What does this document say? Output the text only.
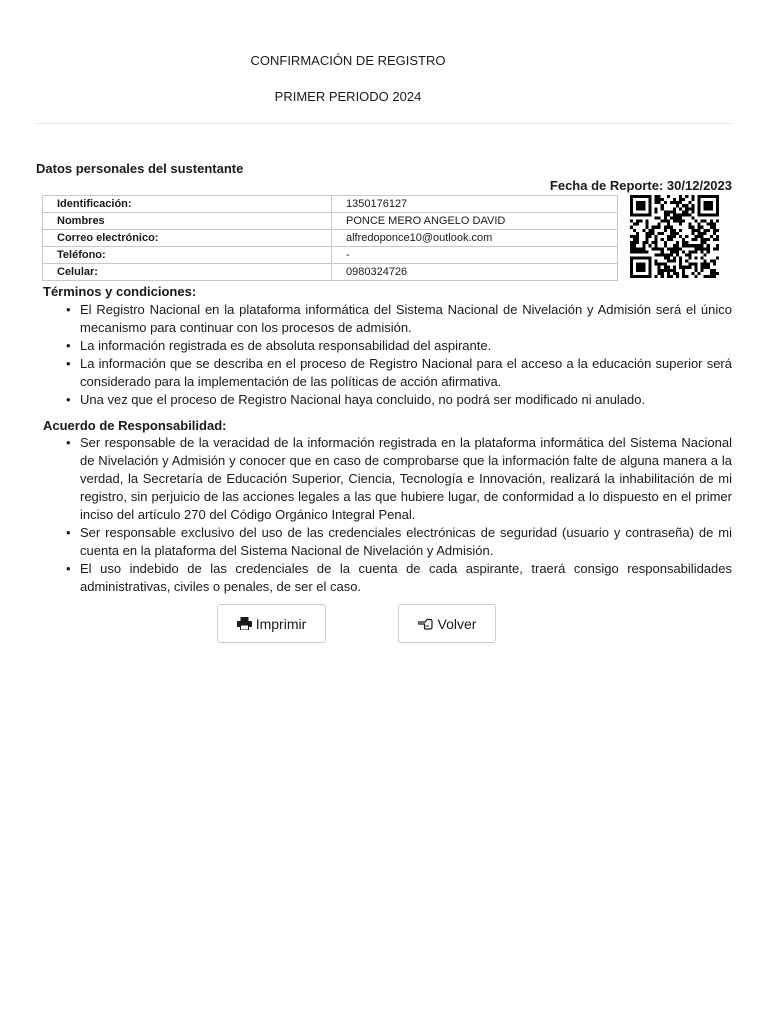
CONFIRMACIÓN DE REGISTRO
PRIMER PERIODO 2024
Datos personales del sustentante
Fecha de Reporte: 30/12/2023
Identificación:	1350176127
Nombres	PONCE MERO ANGELO DAVID
Correo electrónico:	alfredoponce10@outlook.com
Teléfono:	-
Celular:	0980324726
Términos y condiciones:
• El Registro Nacional en la plataforma informática del Sistema Nacional de Nivelación y Admisión será el único mecanismo para continuar con los procesos de admisión.
• La información registrada es de absoluta responsabilidad del aspirante.
• La información que se describa en el proceso de Registro Nacional para el acceso a la educación superior será considerado para la implementación de las políticas de acción afirmativa.
• Una vez que el proceso de Registro Nacional haya concluido, no podrá ser modificado ni anulado.
Acuerdo de Responsabilidad:
• Ser responsable de la veracidad de la información registrada en la plataforma informática del Sistema Nacional de Nivelación y Admisión y conocer que en caso de comprobarse que la información falte de alguna manera a la verdad, la Secretaría de Educación Superior, Ciencia, Tecnología e Innovación, realizará la inhabilitación de mi registro, sin perjuicio de las acciones legales a las que hubiere lugar, de conformidad a lo dispuesto en el primer inciso del artículo 270 del Código Orgánico Integral Penal.
• Ser responsable exclusivo del uso de las credenciales electrónicas de seguridad (usuario y contraseña) de mi cuenta en la plataforma del Sistema Nacional de Nivelación y Admisión.
• El uso indebido de las credenciales de la cuenta de cada aspirante, traerá consigo responsabilidades administrativas, civiles o penales, de ser el caso.
Imprimir	Volver
